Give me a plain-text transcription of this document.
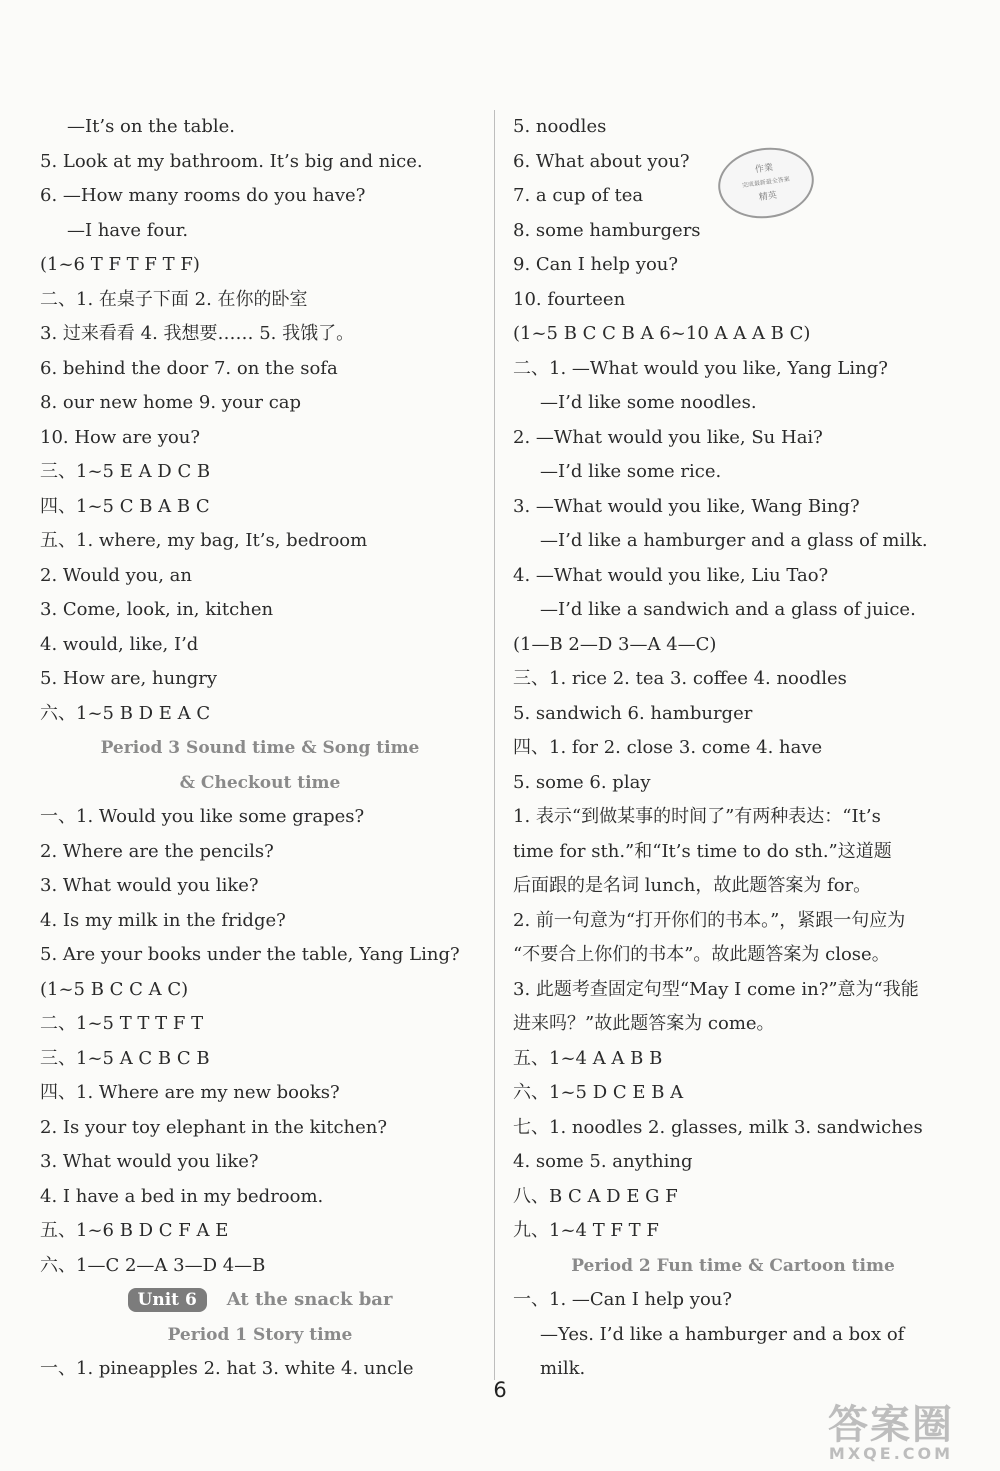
—It’s on the table.
5. Look at my bathroom. It’s big and nice.
6. —How many rooms do you have?
—I have four.
(1~6 T F T F T F)
二、1. 在桌子下面 2. 在你的卧室
3. 过来看看 4. 我想要…… 5. 我饿了。
6. behind the door 7. on the sofa
8. our new home 9. your cap
10. How are you?
三、1~5 E A D C B
四、1~5 C B A B C
五、1. where, my bag, It’s, bedroom
2. Would you, an
3. Come, look, in, kitchen
4. would, like, I’d
5. How are, hungry
六、1~5 B D E A C
Period 3 Sound time & Song time
& Checkout time
一、1. Would you like some grapes?
2. Where are the pencils?
3. What would you like?
4. Is my milk in the fridge?
5. Are your books under the table, Yang Ling?
(1~5 B C C A C)
二、1~5 T T T F T
三、1~5 A C B C B
四、1. Where are my new books?
2. Is your toy elephant in the kitchen?
3. What would you like?
4. I have a bed in my bedroom.
五、1~6 B D C F A E
六、1—C 2—A 3—D 4—B
Unit 6	At the snack bar
Period 1 Story time
一、1. pineapples 2. hat 3. white 4. uncle
5. noodles
6. What about you?
7. a cup of tea
8. some hamburgers
9. Can I help you?
10. fourteen
(1~5 B C C B A 6~10 A A A B C)
二、1. —What would you like, Yang Ling?
—I’d like some noodles.
2. —What would you like, Su Hai?
—I’d like some rice.
3. —What would you like, Wang Bing?
—I’d like a hamburger and a glass of milk.
4. —What would you like, Liu Tao?
—I’d like a sandwich and a glass of juice.
(1—B 2—D 3—A 4—C)
三、1. rice 2. tea 3. coffee 4. noodles
5. sandwich 6. hamburger
四、1. for 2. close 3. come 4. have
5. some 6. play
1. 表示“到做某事的时间了”有两种表达：“It’s
time for sth.”和“It’s time to do sth.”这道题
后面跟的是名词 lunch，故此题答案为 for。
2. 前一句意为“打开你们的书本。”，紧跟一句应为
“不要合上你们的书本”。故此题答案为 close。
3. 此题考查固定句型“May I come in?”意为“我能
进来吗？”故此题答案为 come。
五、1~4 A A B B
六、1~5 D C E B A
七、1. noodles 2. glasses, milk 3. sandwiches
4. some 5. anything
八、B C A D E G F
九、1~4 T F T F
Period 2 Fun time & Cartoon time
一、1. —Can I help you?
—Yes. I’d like a hamburger and a box of
milk.
作業
完成最新最全答案
精英
6
答案圈
MXQE.COM
